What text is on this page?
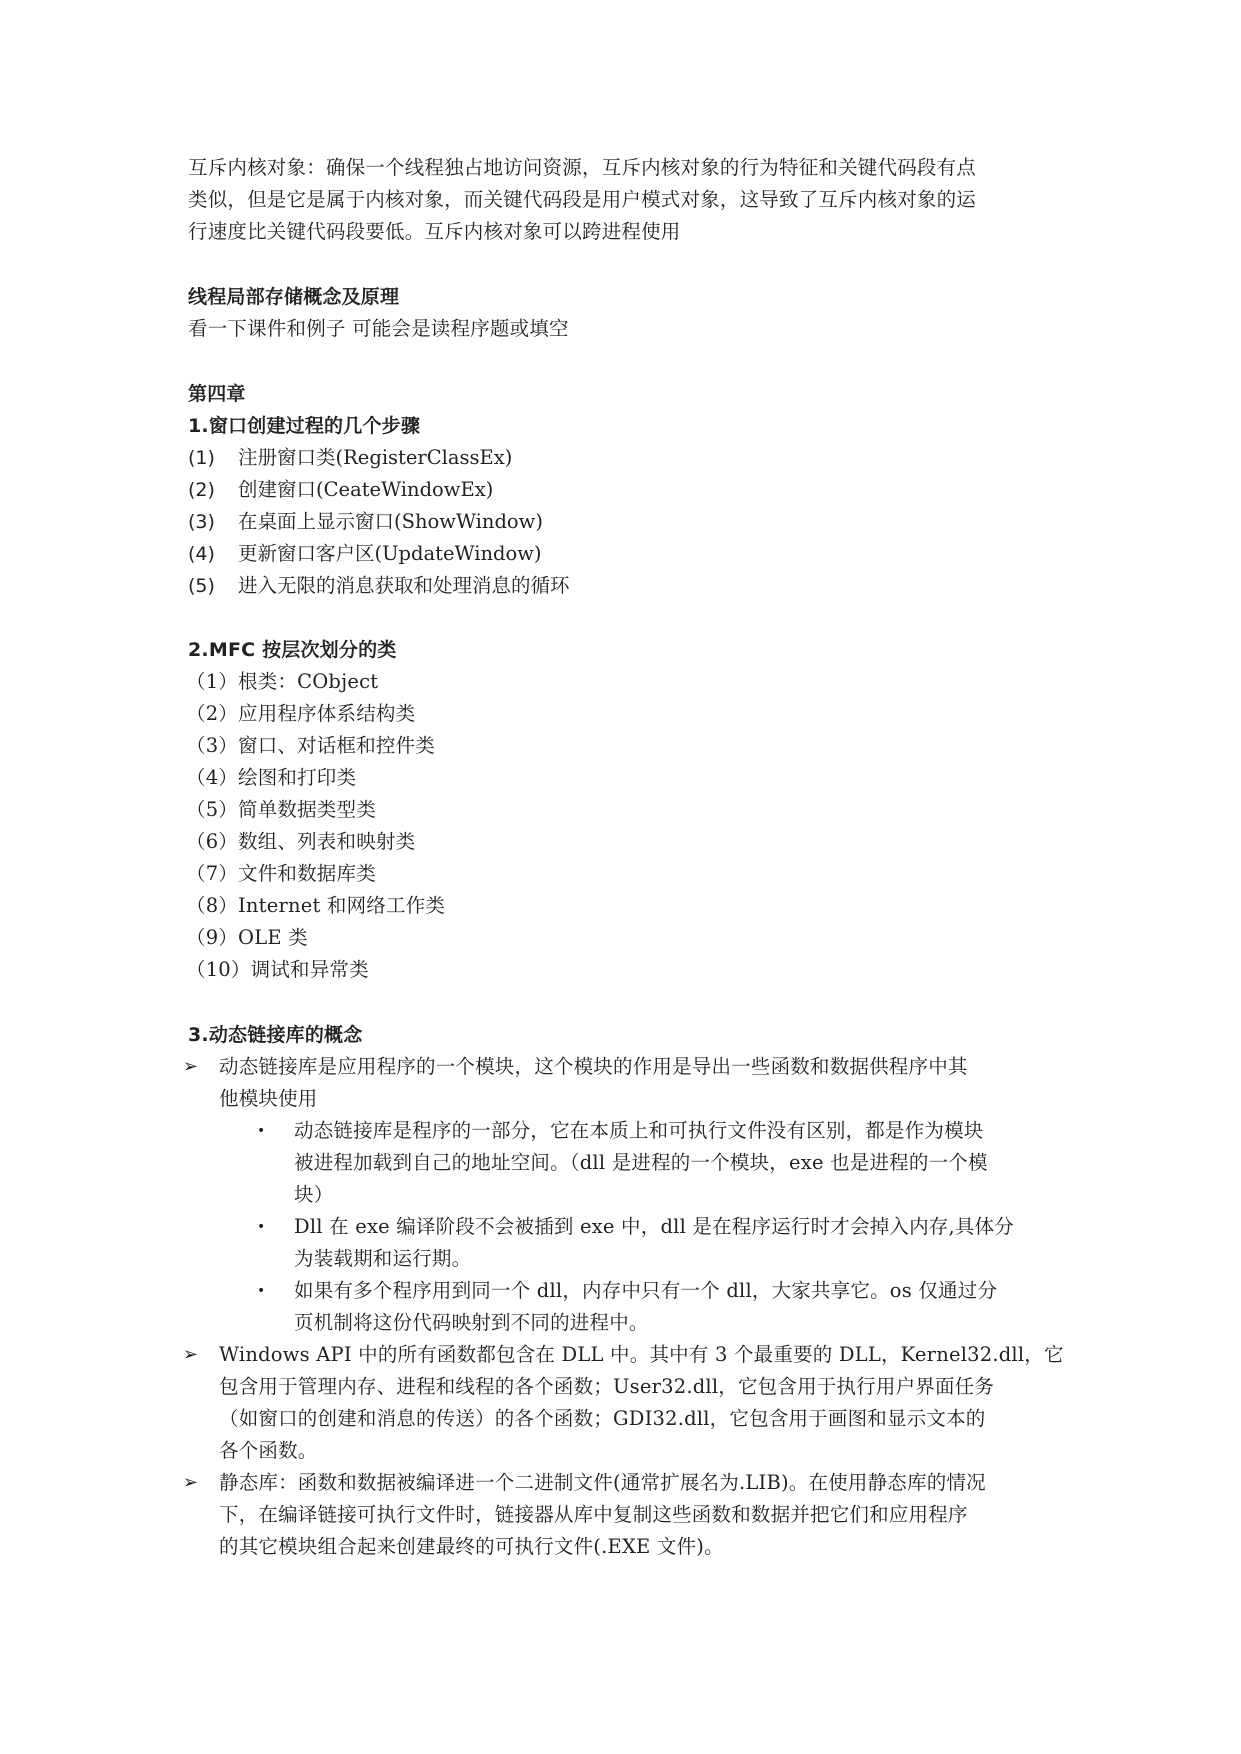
互斥内核对象：确保一个线程独占地访问资源，互斥内核对象的行为特征和关键代码段有点
类似，但是它是属于内核对象，而关键代码段是用户模式对象，这导致了互斥内核对象的运
行速度比关键代码段要低。互斥内核对象可以跨进程使用
线程局部存储概念及原理
看一下课件和例子 可能会是读程序题或填空
第四章
1.窗口创建过程的几个步骤
(1) 注册窗口类(RegisterClassEx)
(2) 创建窗口(CeateWindowEx)
(3) 在桌面上显示窗口(ShowWindow)
(4) 更新窗口客户区(UpdateWindow)
(5) 进入无限的消息获取和处理消息的循环
2.MFC 按层次划分的类
（1）根类：CObject
（2）应用程序体系结构类
（3）窗口、对话框和控件类
（4）绘图和打印类
（5）简单数据类型类
（6）数组、列表和映射类
（7）文件和数据库类
（8）Internet 和网络工作类
（9）OLE 类
（10）调试和异常类
3.动态链接库的概念
➢ 动态链接库是应用程序的一个模块，这个模块的作用是导出一些函数和数据供程序中其
他模块使用
• 动态链接库是程序的一部分，它在本质上和可执行文件没有区别，都是作为模块
被进程加载到自己的地址空间。（dll 是进程的一个模块，exe 也是进程的一个模
块）
• Dll 在 exe 编译阶段不会被插到 exe 中，dll 是在程序运行时才会掉入内存,具体分
为装载期和运行期。
• 如果有多个程序用到同一个 dll，内存中只有一个 dll，大家共享它。os 仅通过分
页机制将这份代码映射到不同的进程中。
➢ Windows API 中的所有函数都包含在 DLL 中。其中有 3 个最重要的 DLL，Kernel32.dll，它
包含用于管理内存、进程和线程的各个函数；User32.dll，它包含用于执行用户界面任务
（如窗口的创建和消息的传送）的各个函数；GDI32.dll，它包含用于画图和显示文本的
各个函数。
➢ 静态库：函数和数据被编译进一个二进制文件(通常扩展名为.LIB)。在使用静态库的情况
下，在编译链接可执行文件时，链接器从库中复制这些函数和数据并把它们和应用程序
的其它模块组合起来创建最终的可执行文件(.EXE 文件)。
